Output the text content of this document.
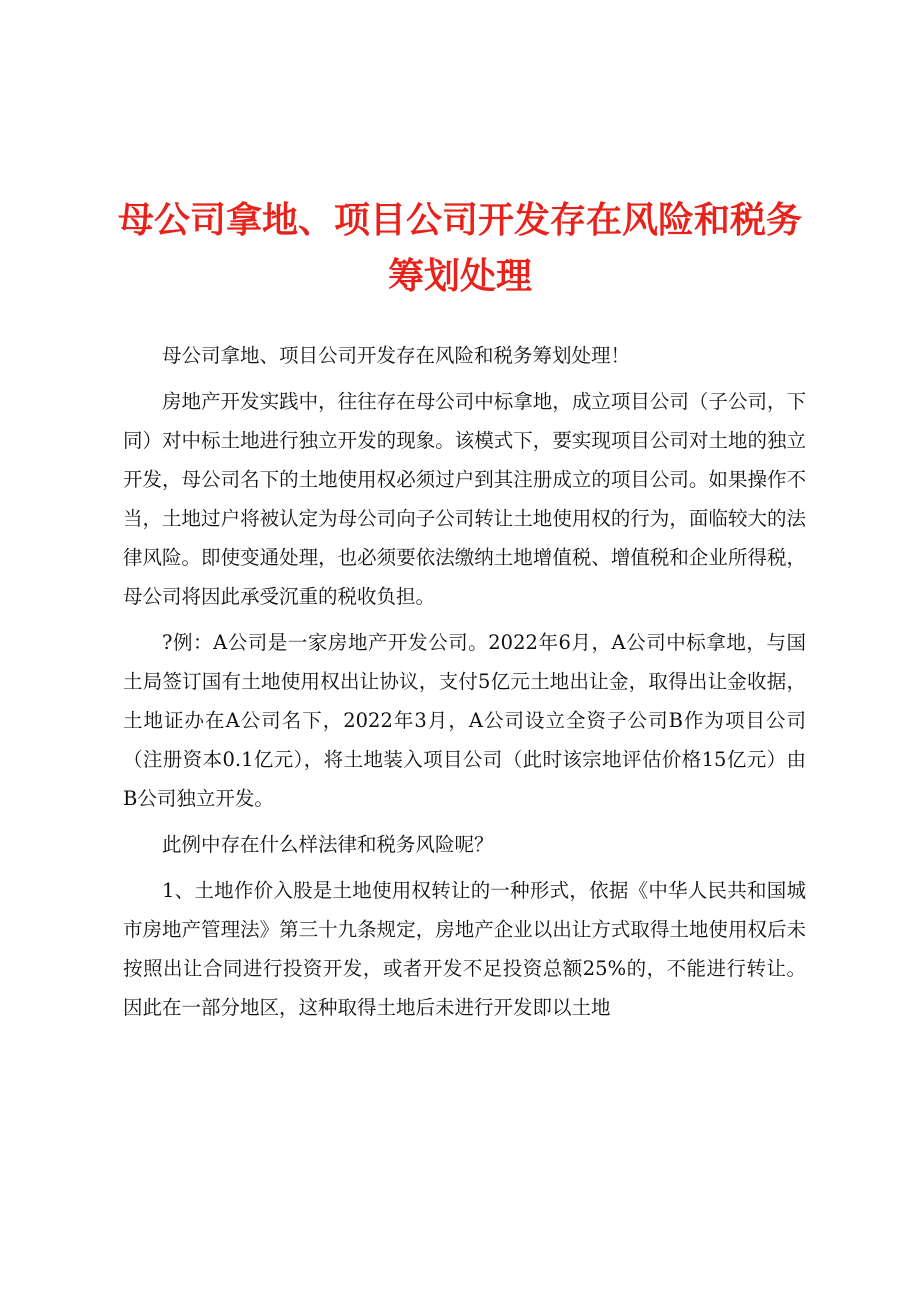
母公司拿地、项目公司开发存在风险和税务筹划处理

母公司拿地、项目公司开发存在风险和税务筹划处理！

房地产开发实践中，往往存在母公司中标拿地，成立项目公司（子公司，下同）对中标土地进行独立开发的现象。该模式下，要实现项目公司对土地的独立开发，母公司名下的土地使用权必须过户到其注册成立的项目公司。如果操作不当，土地过户将被认定为母公司向子公司转让土地使用权的行为，面临较大的法律风险。即使变通处理，也必须要依法缴纳土地增值税、增值税和企业所得税，母公司将因此承受沉重的税收负担。

?例：A公司是一家房地产开发公司。2022年6月，A公司中标拿地，与国土局签订国有土地使用权出让协议，支付5亿元土地出让金，取得出让金收据，土地证办在A公司名下，2022年3月，A公司设立全资子公司B作为项目公司（注册资本0.1亿元），将土地装入项目公司（此时该宗地评估价格15亿元）由B公司独立开发。

此例中存在什么样法律和税务风险呢？

1、土地作价入股是土地使用权转让的一种形式，依据《中华人民共和国城市房地产管理法》第三十九条规定，房地产企业以出让方式取得土地使用权后未按照出让合同进行投资开发，或者开发不足投资总额25%的，不能进行转让。因此在一部分地区，这种取得土地后未进行开发即以土地
